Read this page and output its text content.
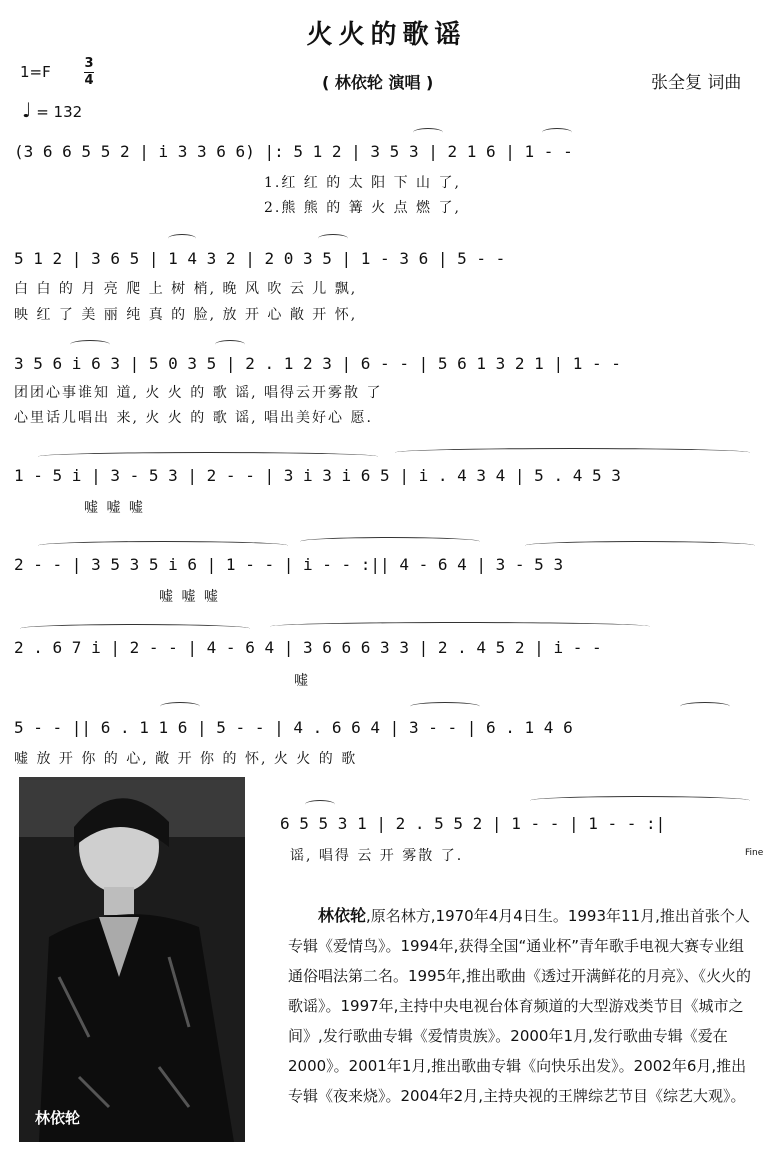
火火的歌谣
1=F	3
4
♩ = 132
( 林依轮 演唱 )	张全复 词曲
(3 6 6 5 5 2 | i 3 3 6 6) |: 5 1 2 | 3 5 3 | 2 1 6 | 1 - -
1.红 红 的 太 阳 下 山 了,
2.熊 熊 的 篝 火 点 燃 了,
5 1 2 | 3 6 5 | 1 4 3 2 | 2 0 3 5 | 1 - 3 6 | 5 - -
白 白 的 月 亮 爬 上 树 梢, 晚 风 吹 云 儿 飘,
映 红 了 美 丽 纯 真 的 脸, 放 开 心 敞 开 怀,
3 5 6 i 6 3 | 5 0 3 5 | 2 . 1 2 3 | 6 - - | 5 6 1 3 2 1 | 1 - -
团团心事谁知 道, 火 火 的 歌 谣, 唱得云开雾散 了
心里话儿唱出 来, 火 火 的 歌 谣, 唱出美好心 愿.
1 - 5 i | 3 - 5 3 | 2 - - | 3 i 3 i 6 5 | i . 4 3 4 | 5 . 4 5 3
嘘 嘘 嘘
2 - - | 3 5 3 5 i 6 | 1 - - | i - - :|| 4 - 6 4 | 3 - 5 3
嘘 嘘 嘘
2 . 6 7 i | 2 - - | 4 - 6 4 | 3 6 6 6 3 3 | 2 . 4 5 2 | i - -
嘘
5 - - || 6 . 1 1 6 | 5 - - | 4 . 6 6 4 | 3 - - | 6 . 1 4 6
嘘 放 开 你 的 心, 敞 开 你 的 怀, 火 火 的 歌
6 5 5 3 1 | 2 . 5 5 2 | 1 - - | 1 - - :|
谣, 唱得 云 开 雾散 了.	Fine
林依轮
林依轮,原名林方,1970年4月4日生。1993年11月,推出首张个人专辑《爱情鸟》。1994年,获得全国“通业杯”青年歌手电视大赛专业组通俗唱法第二名。1995年,推出歌曲《透过开满鲜花的月亮》、《火火的歌谣》。1997年,主持中央电视台体育频道的大型游戏类节目《城市之间》,发行歌曲专辑《爱情贵族》。2000年1月,发行歌曲专辑《爱在2000》。2001年1月,推出歌曲专辑《向快乐出发》。2002年6月,推出专辑《夜来烧》。2004年2月,主持央视的王牌综艺节目《综艺大观》。
